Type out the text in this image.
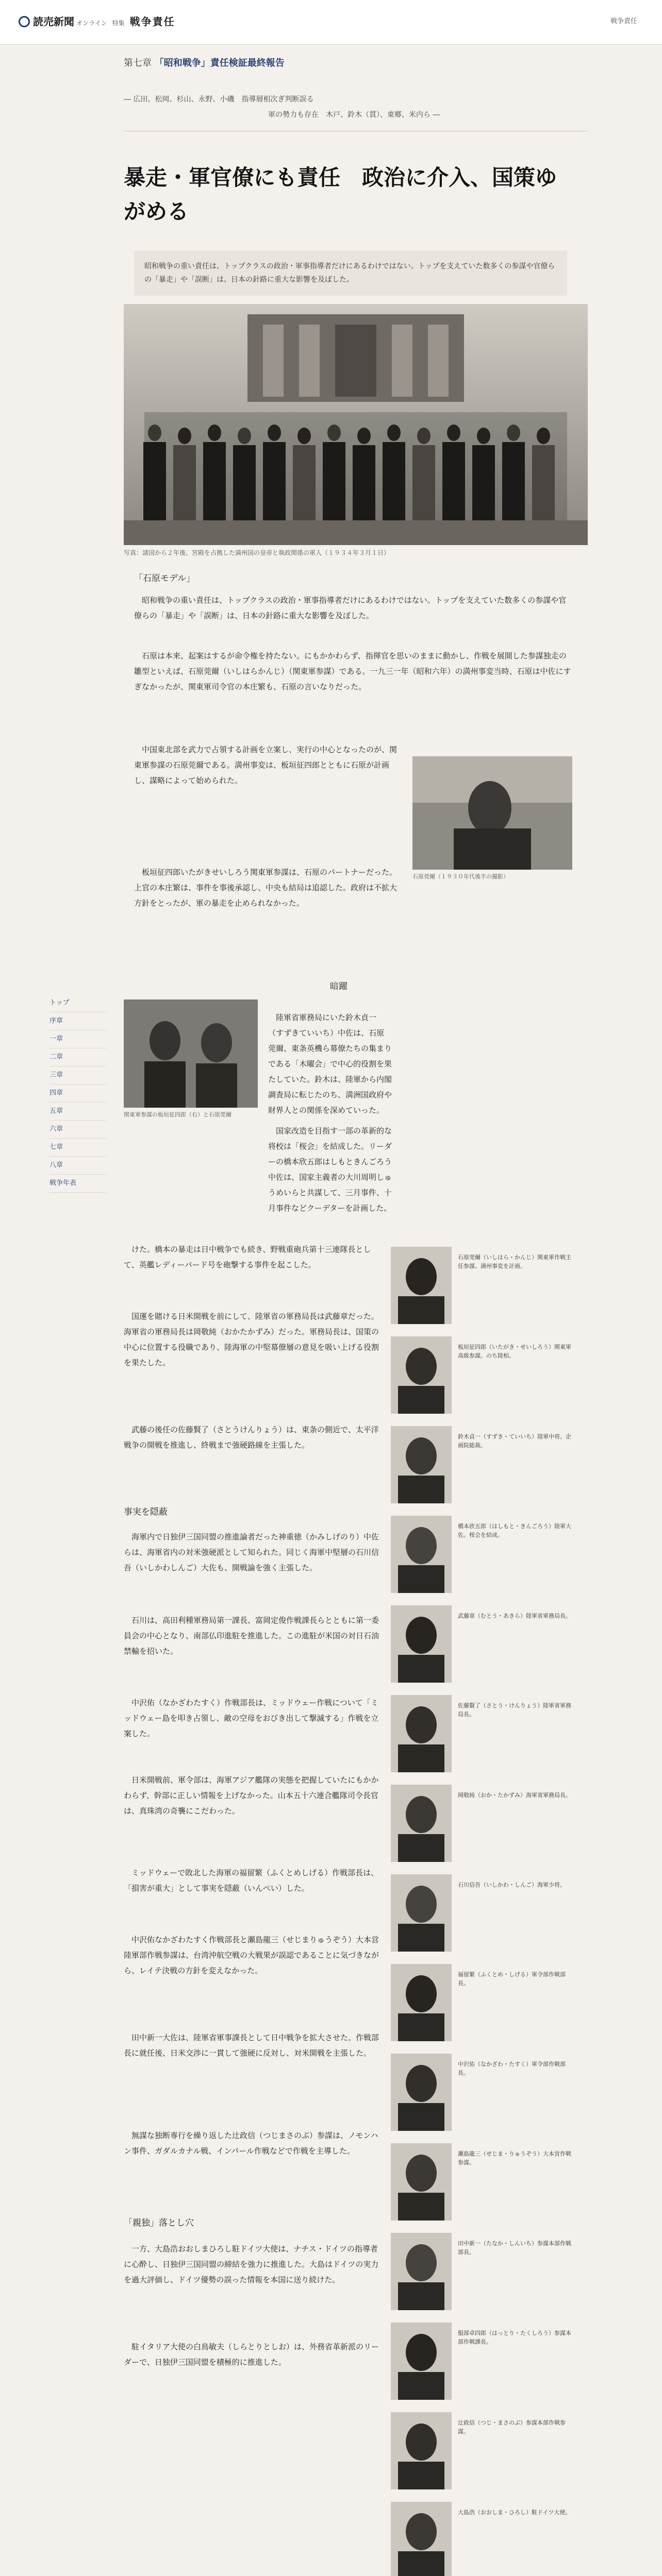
読売新聞 オンライン 特集 戦争責任	戦争責任
第七章 「昭和戦争」責任検証最終報告
― 広田、松岡、杉山、永野、小磯　指導層相次ぎ判断誤る
軍の勢力も存在　木戸、鈴木（貫）、東郷、米内ら ―
暴走・軍官僚にも責任　政治に介入、国策ゆがめる
昭和戦争の重い責任は、トップクラスの政治・軍事指導者だけにあるわけではない。トップを支えていた数多くの参謀や官僚らの「暴走」や「誤断」は、日本の針路に重大な影響を及ぼした。
写真：諸国から２年後、宮殿を占拠した満州国の皇帝と執政関係の軍人（１９３４年３月１日）
「石原モデル」
昭和戦争の重い責任は、トップクラスの政治・軍事指導者だけにあるわけではない。トップを支えていた数多くの参謀や官僚らの「暴走」や「誤断」は、日本の針路に重大な影響を及ぼした。
石原は本来、起案はするが命令権を持たない。にもかかわらず、指揮官を思いのままに動かし、作戦を展開した参謀独走の雛型といえば、石原莞爾（いしはらかんじ）（関東軍参謀）である。一九三一年（昭和六年）の満州事変当時、石原は中佐にすぎなかったが、関東軍司令官の本庄繁も、石原の言いなりだった。
中国東北部を武力で占領する計画を立案し、実行の中心となったのが、関東軍参謀の石原莞爾である。満州事変は、板垣征四郎とともに石原が計画し、謀略によって始められた。
石原莞爾（１９３０年代後半の撮影）
板垣征四郎いたがきせいしろう関東軍参謀は、石原のパートナーだった。上官の本庄繁は、事件を事後承認し、中央も結局は追認した。政府は不拡大方針をとったが、軍の暴走を止められなかった。
暗躍
トップ
序章
一章
二章
三章
四章
五章
六章
七章
八章
戦争年表
関東軍参謀の板垣征四郎（右）と石原莞爾
陸軍省軍務局にいた鈴木貞一（すずきていいち）中佐は、石原莞爾、東条英機ら幕僚たちの集まりである「木曜会」で中心的役割を果たしていた。鈴木は、陸軍から内閣調査局に転じたのち、満洲国政府や財界人との関係を深めていった。
国家改造を目指す一部の革新的な将校は「桜会」を結成した。リーダーの橋本欣五郎はしもときんごろう中佐は、国家主義者の大川周明しゅうめいらと共謀して、三月事件、十月事件などクーデターを計画した。
けた。橋本の暴走は日中戦争でも続き、野戦重砲兵第十三連隊長として、英艦レディーバード号を砲撃する事件を起こした。
国運を賭ける日米開戦を前にして、陸軍省の軍務局長は武藤章だった。海軍省の軍務局長は岡敬純（おかたかずみ）だった。軍務局長は、国策の中心に位置する役職であり、陸海軍の中堅幕僚層の意見を吸い上げる役割を果たした。
武藤の後任の佐藤賢了（さとうけんりょう）は、東条の側近で、太平洋戦争の開戦を推進し、終戦まで強硬路線を主張した。
事実を隠蔽
海軍内で日独伊三国同盟の推進論者だった神重徳（かみしげのり）中佐らは、海軍省内の対米強硬派として知られた。同じく海軍中堅層の石川信吾（いしかわしんご）大佐も、開戦論を強く主張した。
石川は、高田利種軍務局第一課長、富岡定俊作戦課長らとともに第一委員会の中心となり、南部仏印進駐を推進した。この進駐が米国の対日石油禁輸を招いた。
中沢佑（なかざわたすく）作戦部長は、ミッドウェー作戦について「ミッドウェー島を叩き占領し、敵の空母をおびき出して撃滅する」作戦を立案した。
日米開戦前、軍令部は、海軍アジア艦隊の実態を把握していたにもかかわらず、幹部に正しい情報を上げなかった。山本五十六連合艦隊司令長官は、真珠湾の奇襲にこだわった。
ミッドウェーで敗北した海軍の福留繁（ふくとめしげる）作戦部長は、「損害が重大」として事実を隠蔽（いんぺい）した。
中沢佑なかざわたすく作戦部長と瀬島龍三（せじまりゅうぞう）大本営陸軍部作戦参謀は、台湾沖航空戦の大戦果が誤認であることに気づきながら、レイテ決戦の方針を変えなかった。
田中新一大佐は、陸軍省軍事課長として日中戦争を拡大させた。作戦部長に就任後、日米交渉に一貫して強硬に反対し、対米開戦を主張した。
無謀な独断専行を繰り返した辻政信（つじまさのぶ）参謀は、ノモンハン事件、ガダルカナル戦、インパール作戦などで作戦を主導した。
「親独」落とし穴
一方、大島浩おおしまひろし駐ドイツ大使は、ナチス・ドイツの指導者に心酔し、日独伊三国同盟の締結を強力に推進した。大島はドイツの実力を過大評価し、ドイツ優勢の誤った情報を本国に送り続けた。
駐イタリア大使の白鳥敏夫（しらとりとしお）は、外務省革新派のリーダーで、日独伊三国同盟を積極的に推進した。
石原莞爾（いしはら・かんじ）関東軍作戦主任参謀。満州事変を計画。
板垣征四郎（いたがき・せいしろう）関東軍高級参謀。のち陸相。
鈴木貞一（すずき・ていいち）陸軍中将。企画院総裁。
橋本欣五郎（はしもと・きんごろう）陸軍大佐。桜会を結成。
武藤章（むとう・あきら）陸軍省軍務局長。
佐藤賢了（さとう・けんりょう）陸軍省軍務局長。
岡敬純（おか・たかずみ）海軍省軍務局長。
石川信吾（いしかわ・しんご）海軍少将。
福留繁（ふくとめ・しげる）軍令部作戦部長。
中沢佑（なかざわ・たすく）軍令部作戦部長。
瀬島龍三（せじま・りゅうぞう）大本営作戦参謀。
田中新一（たなか・しんいち）参謀本部作戦部長。
服部卓四郎（はっとり・たくしろう）参謀本部作戦課長。
辻政信（つじ・まさのぶ）参謀本部作戦参謀。
大島浩（おおしま・ひろし）駐ドイツ大使。
